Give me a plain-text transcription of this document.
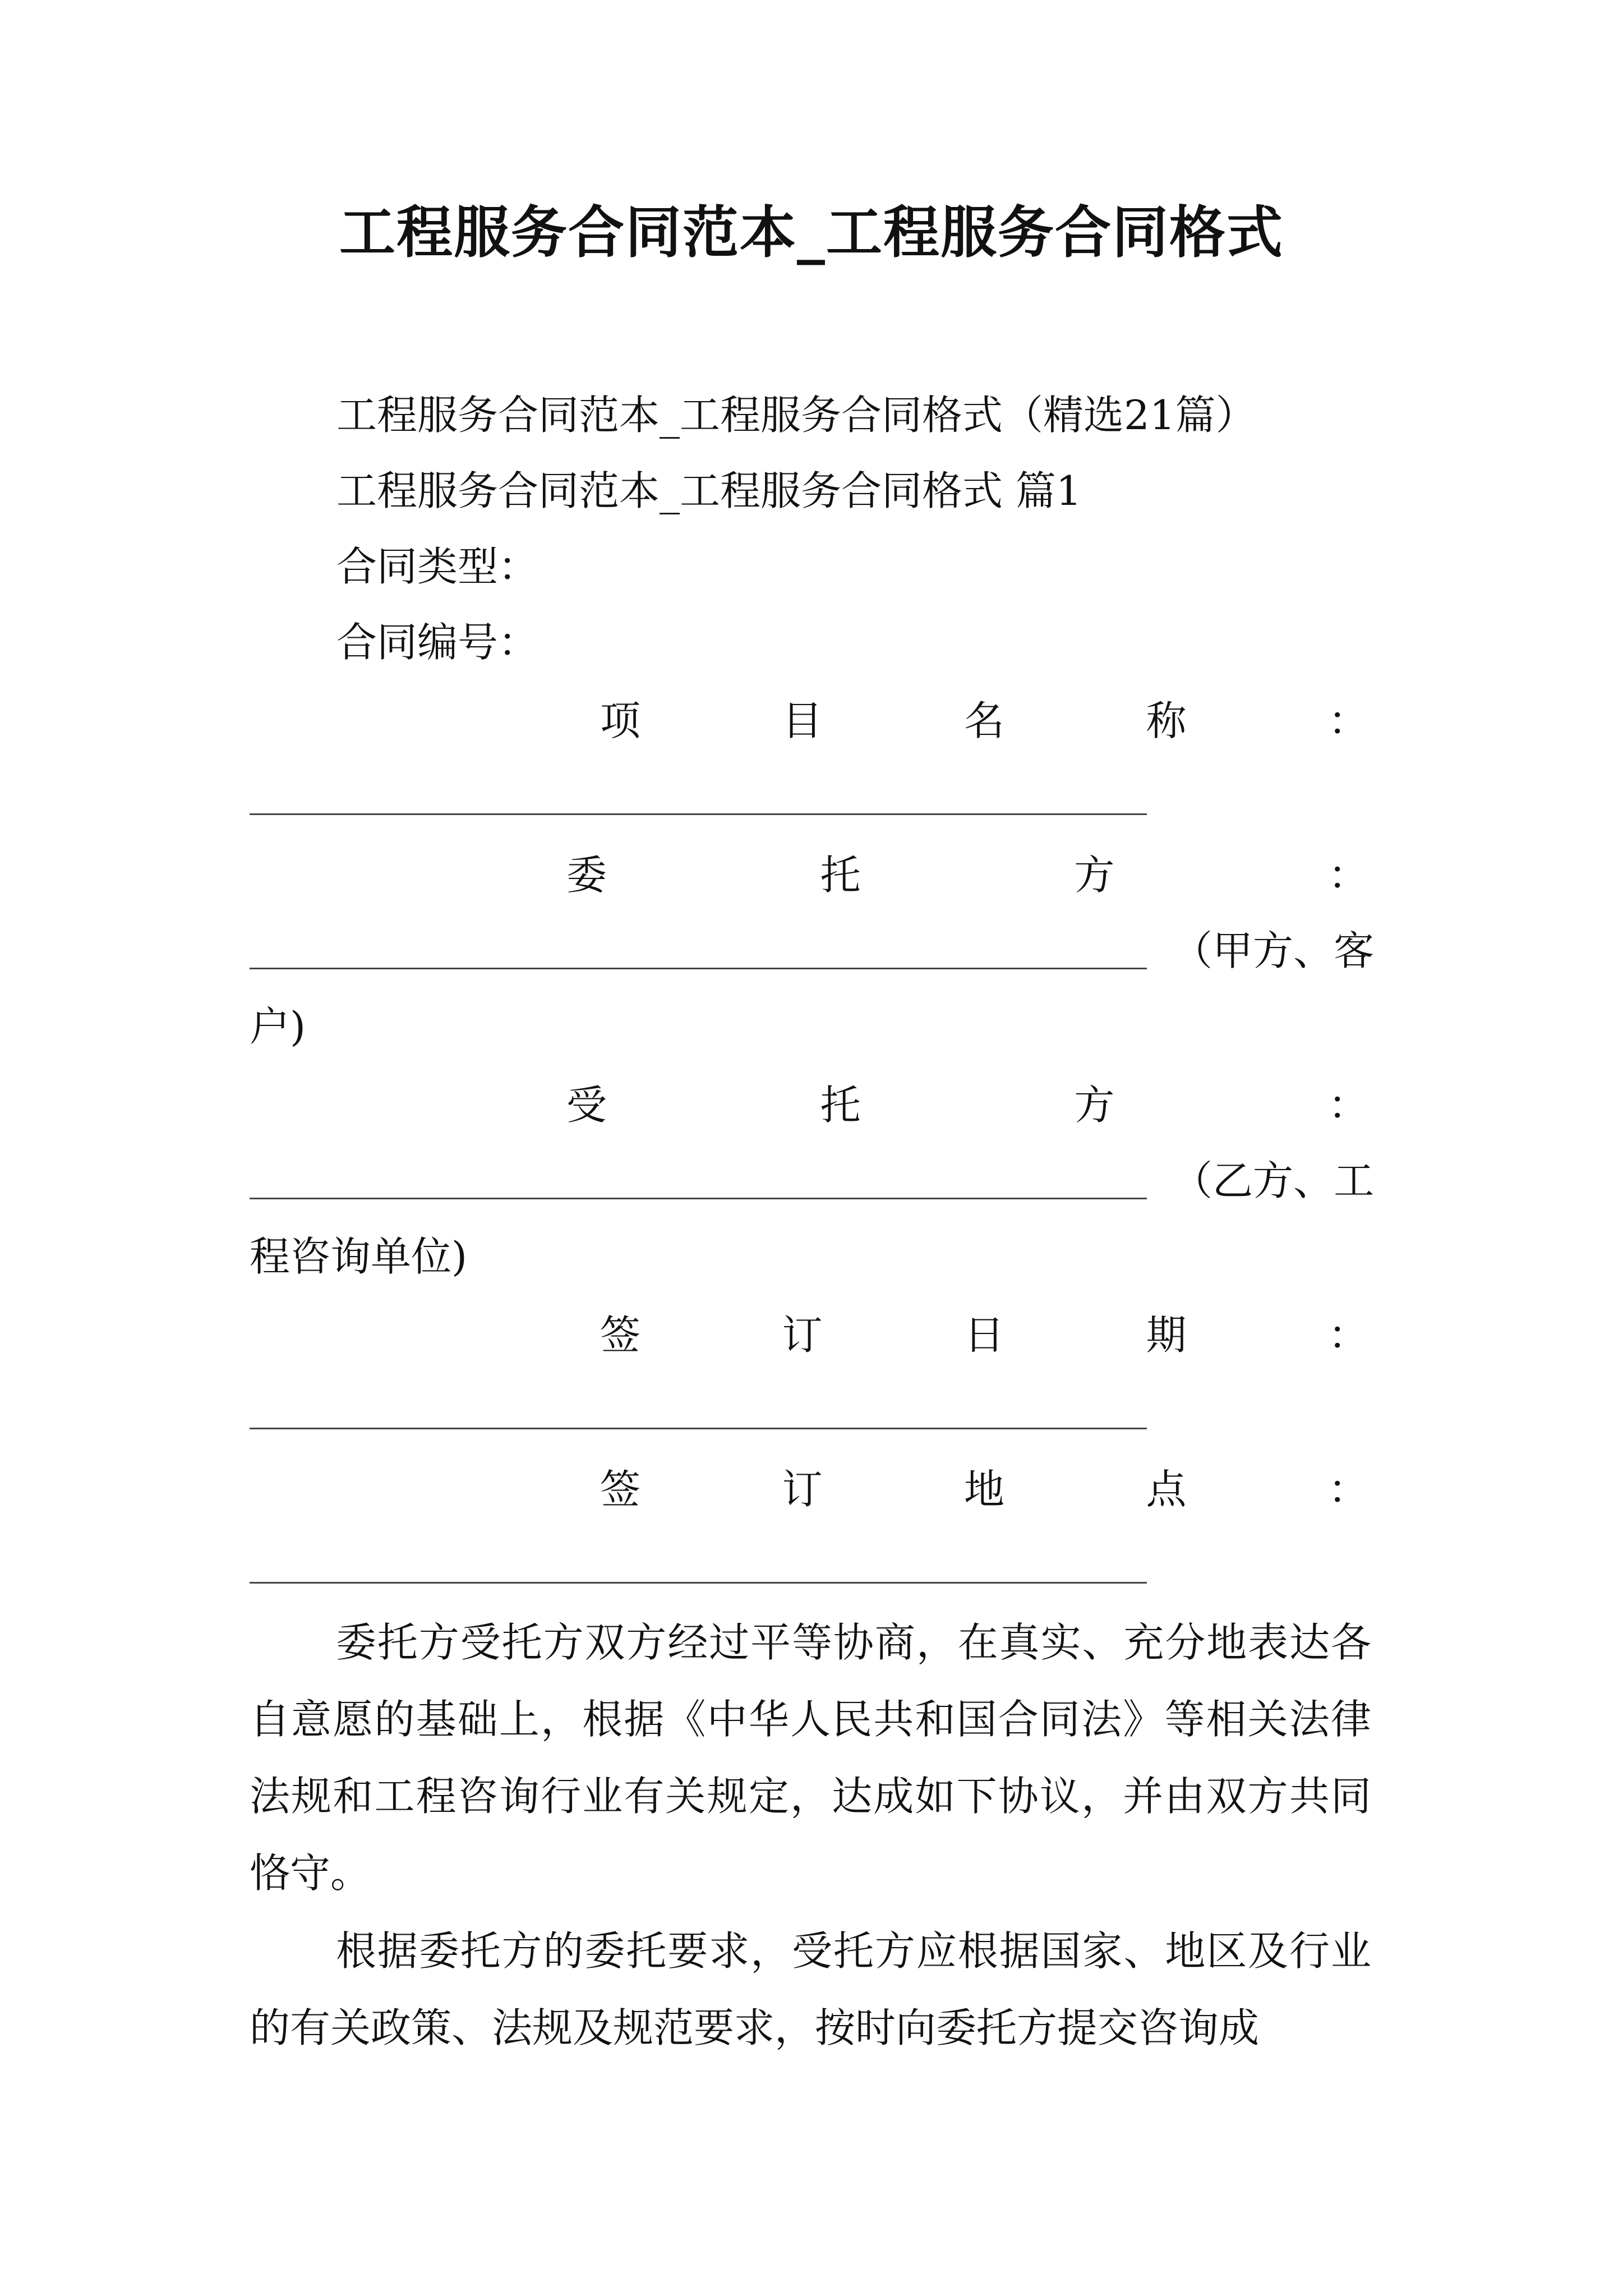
工程服务合同范本_工程服务合同格式
工程服务合同范本_工程服务合同格式（精选21篇）
工程服务合同范本_工程服务合同格式 篇1
合同类型：
合同编号：
项	目	名	称	：
委	托	方	：
（ 甲 方 、 客
户)
受	托	方	：
（ 乙 方 、 工
程咨询单位)
签	订	日	期	：
签	订	地	点	：
委托方受托方双方经过平等协商，在真实、充分地表达各自意愿的基础上，根据《中华人民共和国合同法》等相关法律法规和工程咨询行业有关规定，达成如下协议，并由双方共同恪守。
根据委托方的委托要求，受托方应根据国家、地区及行业的有关政策、法规及规范要求，按时向委托方提交咨询成
